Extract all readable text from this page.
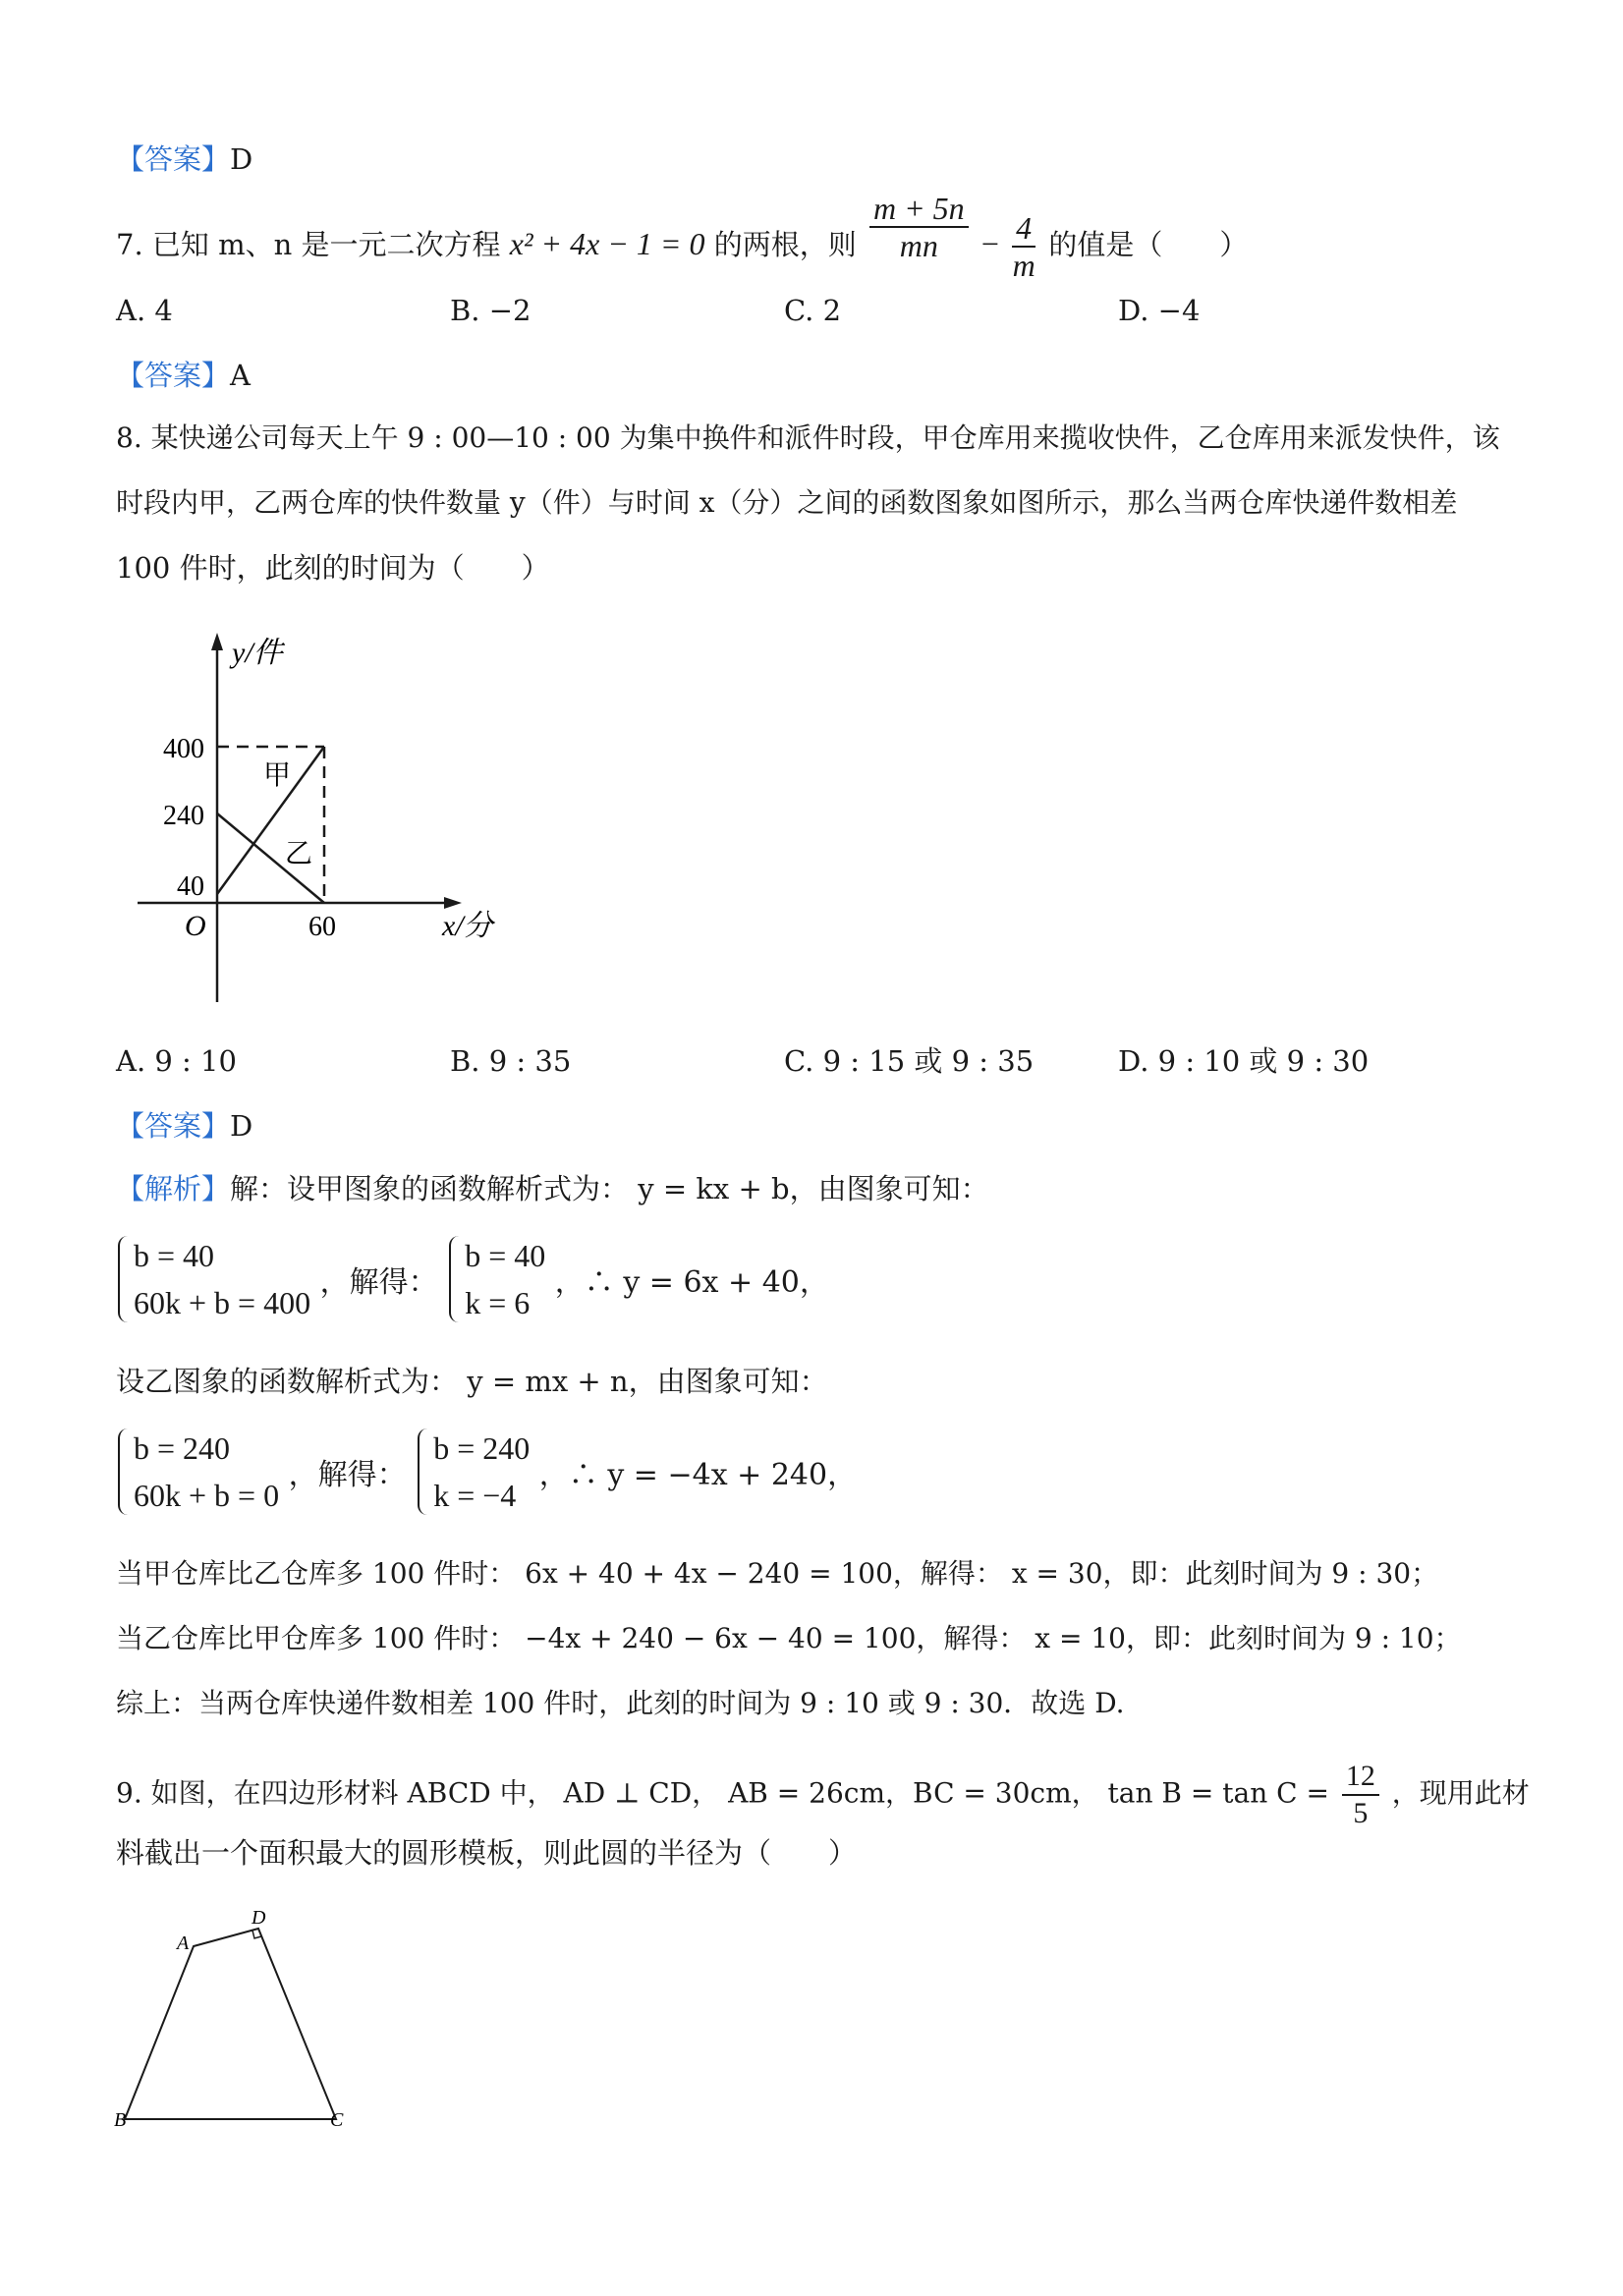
【答案】D
7. 已知 m、n 是一元二次方程 x² + 4x − 1 = 0 的两根，则 $\frac{m + 5n}{mn} - \frac{4}{m}$ 的值是（　　）
A. 4	B. −2	C. 2	D. −4
【答案】A
8. 某快递公司每天上午 9 : 00—10 : 00 为集中换件和派件时段，甲仓库用来揽收快件，乙仓库用来派发快件，该
时段内甲，乙两仓库的快件数量 y（件）与时间 x（分）之间的函数图象如图所示，那么当两仓库快递件数相差
100 件时，此刻的时间为（　　）
y/件
400
240
40
O	60	x/分
甲
乙
A. 9 : 10	B. 9 : 35	C. 9 : 15 或 9 : 35	D. 9 : 10 或 9 : 30
【答案】D
【解析】解：设甲图象的函数解析式为： y = kx + b，由图象可知：
b = 40
60k + b = 400
，解得：
b = 40
k = 6
，∴ y = 6x + 40，
设乙图象的函数解析式为： y = mx + n，由图象可知：
b = 240
60k + b = 0
，解得：
b = 240
k = −4
，∴ y = −4x + 240，
当甲仓库比乙仓库多 100 件时： 6x + 40 + 4x − 240 = 100，解得： x = 30，即：此刻时间为 9 : 30；
当乙仓库比甲仓库多 100 件时： −4x + 240 − 6x − 40 = 100，解得： x = 10，即：此刻时间为 9 : 10；
综上：当两仓库快递件数相差 100 件时，此刻的时间为 9 : 10 或 9 : 30．故选 D.
9. 如图，在四边形材料 ABCD 中， AD ⊥ CD， AB = 26cm，BC = 30cm， $\tan B = \tan C = \frac{12}{5}$ ，现用此材
料截出一个面积最大的圆形模板，则此圆的半径为（　　）
A
D
B	C
